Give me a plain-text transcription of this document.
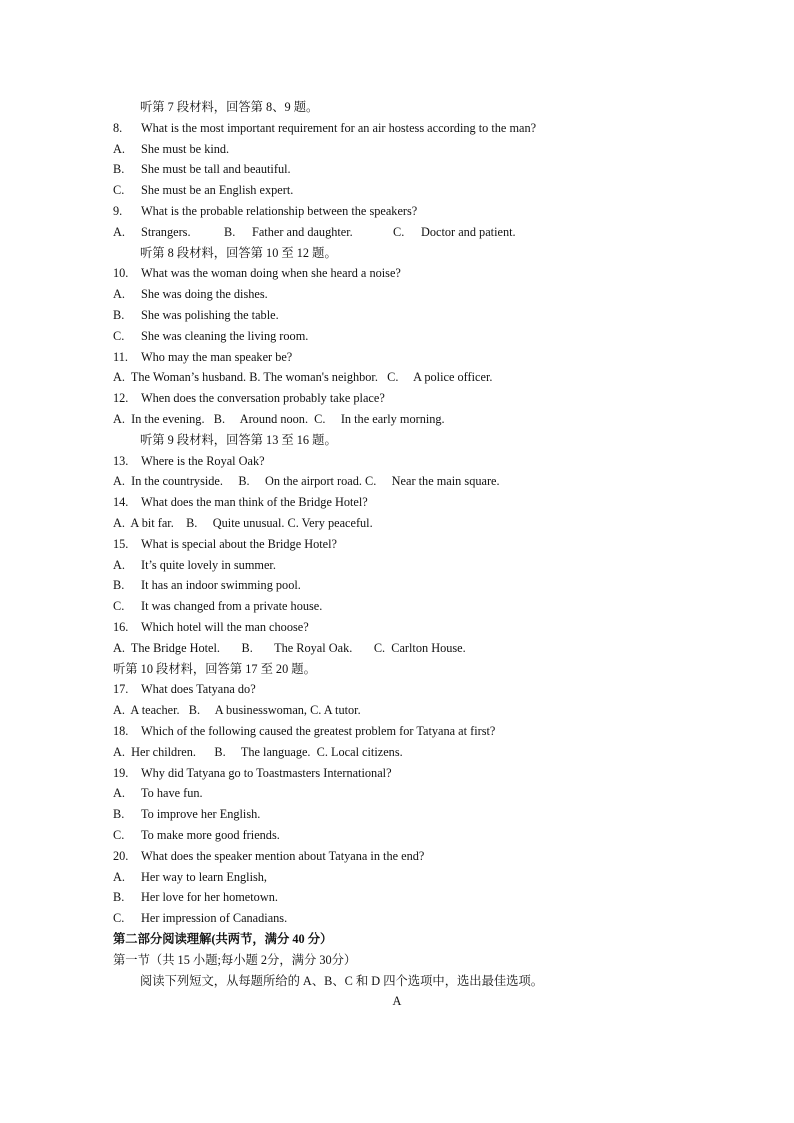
听第 7 段材料，回答第 8、9 题。
8. What is the most important requirement for an air hostess according to the man?
A. She must be kind.
B. She must be tall and beautiful.
C. She must be an English expert.
9. What is the probable relationship between the speakers?
A. Strangers.	B. Father and daughter.	C. Doctor and patient.
听第 8 段材料，回答第 10 至 12 题。
10. What was the woman doing when she heard a noise?
A. She was doing the dishes.
B. She was polishing the table.
C. She was cleaning the living room.
11. Who may the man speaker be?
A.  The Woman’s husband. B. The woman's neighbor.   C.     A police officer.
12. When does the conversation probably take place?
A.  In the evening.   B.     Around noon.  C.     In the early morning.
听第 9 段材料，回答第 13 至 16 题。
13. Where is the Royal Oak?
A.  In the countryside.     B.     On the airport road. C.     Near the main square.
14. What does the man think of the Bridge Hotel?
A.  A bit far.    B.     Quite unusual. C. Very peaceful.
15. What is special about the Bridge Hotel?
A. It’s quite lovely in summer.
B. It has an indoor swimming pool.
C. It was changed from a private house.
16. Which hotel will the man choose?
A.  The Bridge Hotel.       B.       The Royal Oak.       C.  Carlton House.
听第 10 段材料，回答第 17 至 20 题。
17. What does Tatyana do?
A.  A teacher.   B.     A businesswoman, C. A tutor.
18. Which of the following caused the greatest problem for Tatyana at first?
A.  Her children.      B.     The language.  C. Local citizens.
19. Why did Tatyana go to Toastmasters International?
A. To have fun.
B. To improve her English.
C. To make more good friends.
20. What does the speaker mention about Tatyana in the end?
A. Her way to learn English,
B. Her love for her hometown.
C. Her impression of Canadians.
第二部分阅读理解(共两节，满分 40 分）
第一节（共 15 小题;每小题 2分，满分 30分）
阅读下列短文，从每题所给的 A、B、C 和 D 四个选项中，选出最佳选项。
A
